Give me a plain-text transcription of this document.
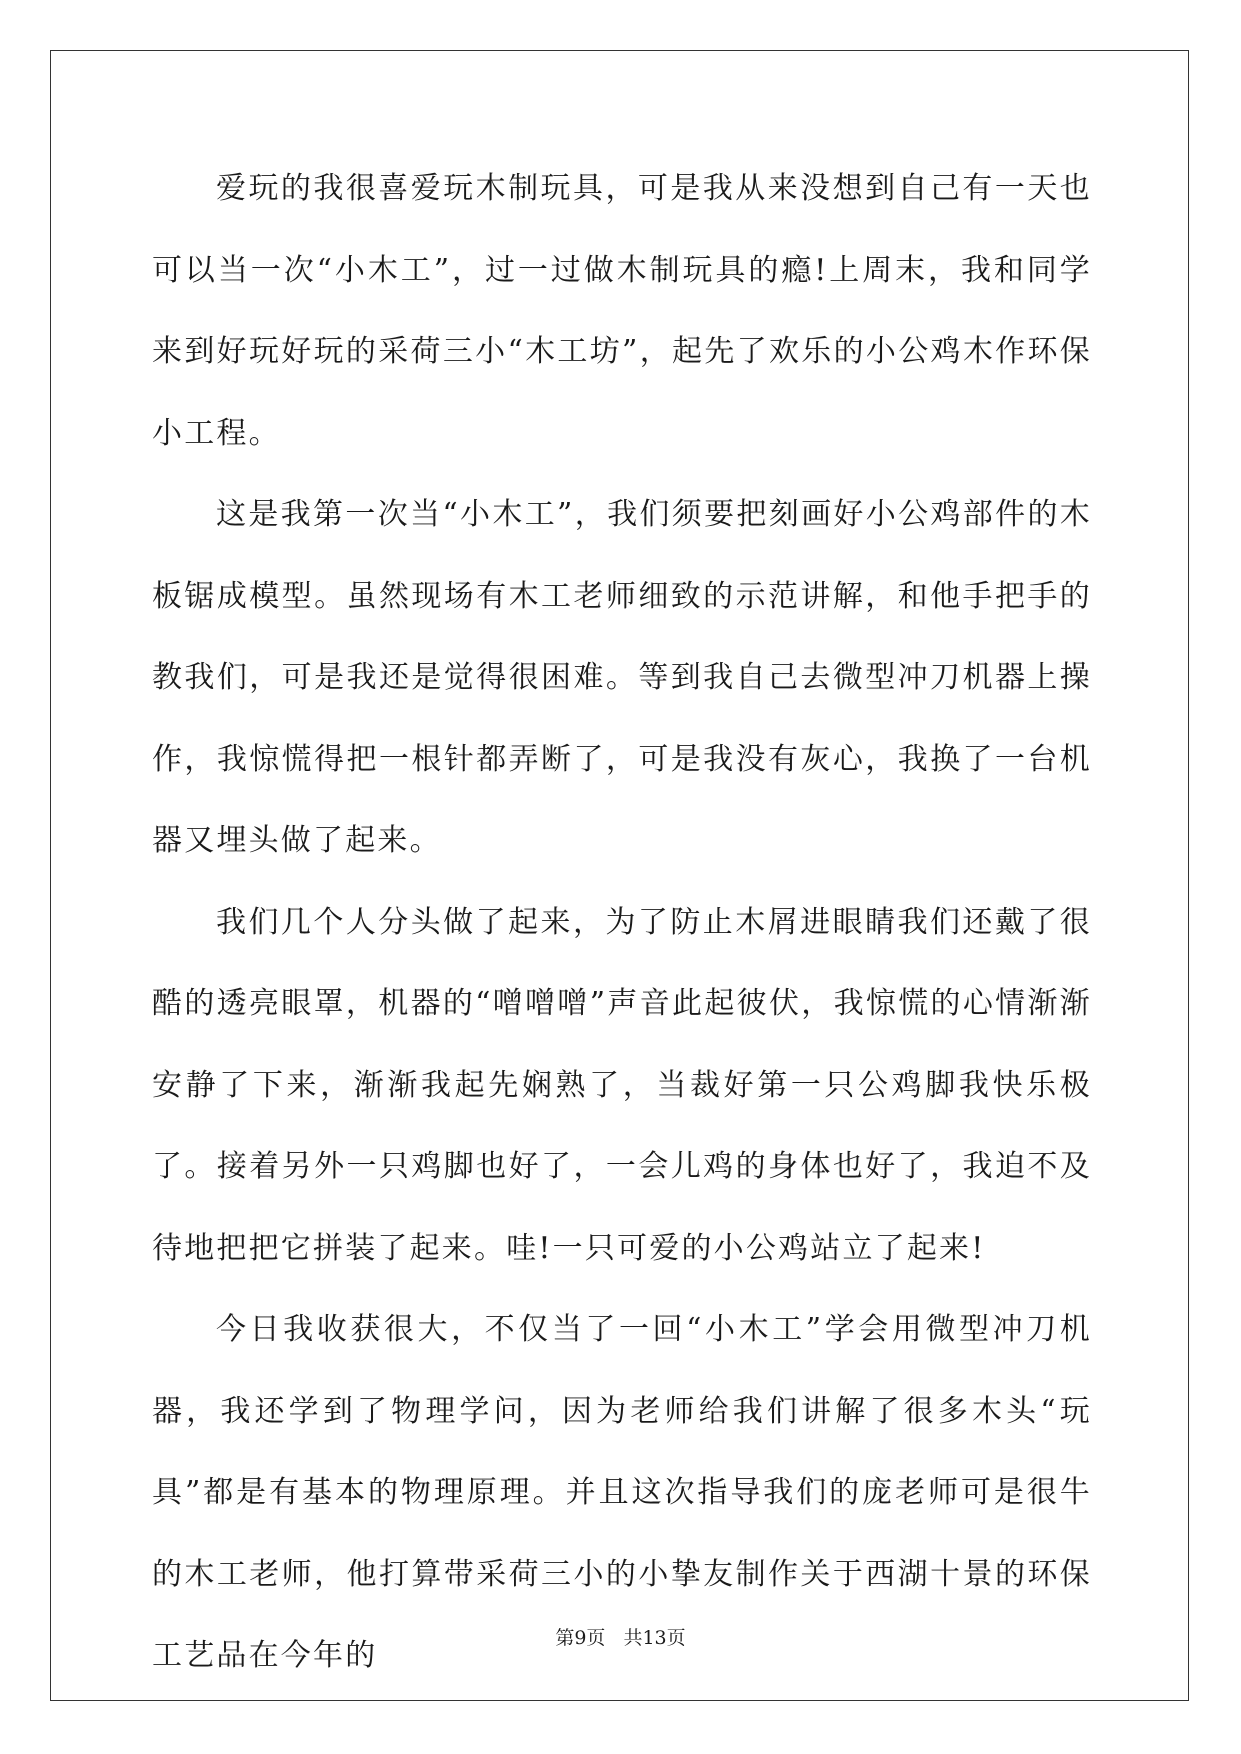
爱玩的我很喜爱玩木制玩具，可是我从来没想到自己有一天也可以当一次“小木工”，过一过做木制玩具的瘾!上周末，我和同学来到好玩好玩的采荷三小“木工坊”，起先了欢乐的小公鸡木作环保小工程。

这是我第一次当“小木工”，我们须要把刻画好小公鸡部件的木板锯成模型。虽然现场有木工老师细致的示范讲解，和他手把手的教我们，可是我还是觉得很困难。等到我自己去微型冲刀机器上操作，我惊慌得把一根针都弄断了，可是我没有灰心，我换了一台机器又埋头做了起来。

我们几个人分头做了起来，为了防止木屑进眼睛我们还戴了很酷的透亮眼罩，机器的“噌噌噌”声音此起彼伏，我惊慌的心情渐渐安静了下来，渐渐我起先娴熟了，当裁好第一只公鸡脚我快乐极了。接着另外一只鸡脚也好了，一会儿鸡的身体也好了，我迫不及待地把把它拼装了起来。哇!一只可爱的小公鸡站立了起来!

今日我收获很大，不仅当了一回“小木工”学会用微型冲刀机器，我还学到了物理学问，因为老师给我们讲解了很多木头“玩具”都是有基本的物理原理。并且这次指导我们的庞老师可是很牛的木工老师，他打算带采荷三小的小挚友制作关于西湖十景的环保工艺品在今年的	第9页 共13页
